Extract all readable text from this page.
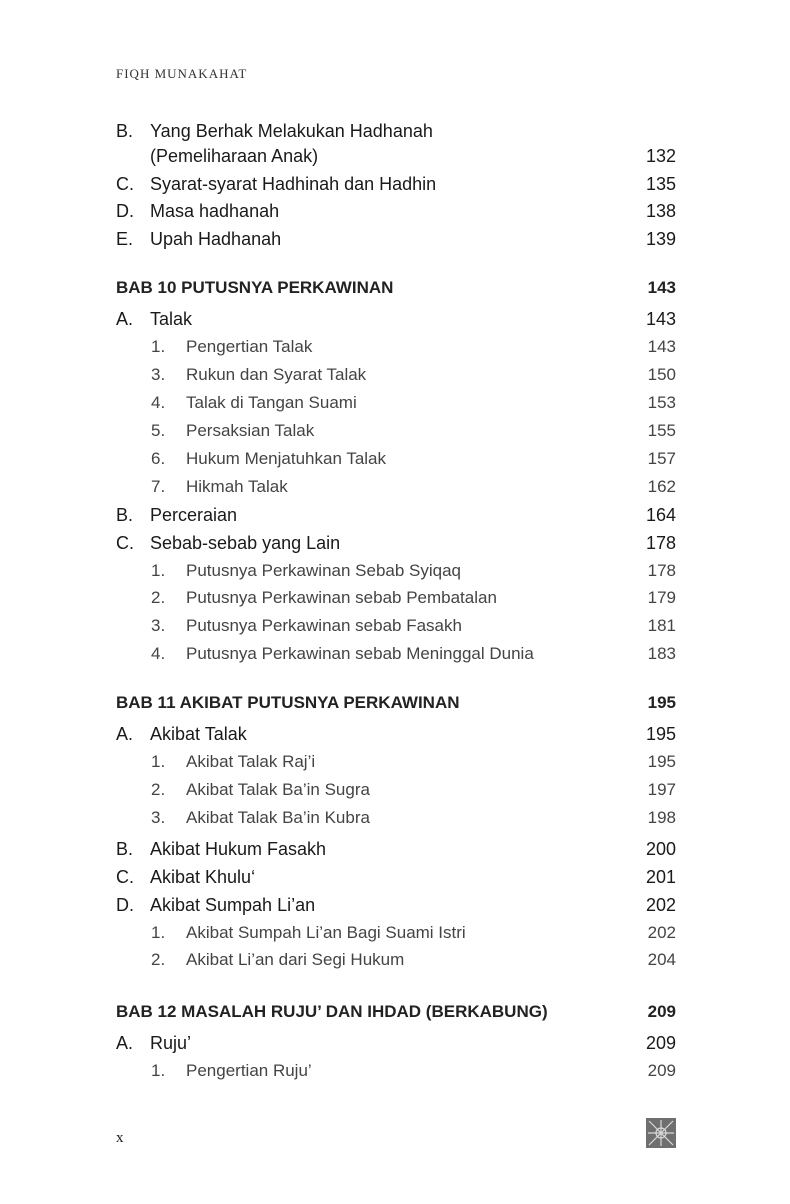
FIQH MUNAKAHAT
B. Yang Berhak Melakukan Hadhanah
(Pemeliharaan Anak)	132
C. Syarat-syarat Hadhinah dan Hadhin	135
D. Masa hadhanah	138
E. Upah Hadhanah	139
BAB 10 PUTUSNYA PERKAWINAN	143
A. Talak	143
1. Pengertian Talak	143
3. Rukun dan Syarat Talak	150
4. Talak di Tangan Suami	153
5. Persaksian Talak	155
6. Hukum Menjatuhkan Talak	157
7. Hikmah Talak	162
B. Perceraian	164
C. Sebab-sebab yang Lain	178
1. Putusnya Perkawinan Sebab Syiqaq	178
2. Putusnya Perkawinan sebab Pembatalan	179
3. Putusnya Perkawinan sebab Fasakh	181
4. Putusnya Perkawinan sebab Meninggal Dunia	183
BAB 11 AKIBAT PUTUSNYA PERKAWINAN	195
A. Akibat Talak	195
1. Akibat Talak Raj’i	195
2. Akibat Talak Ba’in Sugra	197
3. Akibat Talak Ba’in Kubra	198
B. Akibat Hukum Fasakh	200
C. Akibat Khulu‘	201
D. Akibat Sumpah Li’an	202
1. Akibat Sumpah Li’an Bagi Suami Istri	202
2. Akibat Li’an dari Segi Hukum	204
BAB 12 MASALAH RUJU’ DAN IHDAD (BERKABUNG)	209
A. Ruju’	209
1. Pengertian Ruju’	209
x
